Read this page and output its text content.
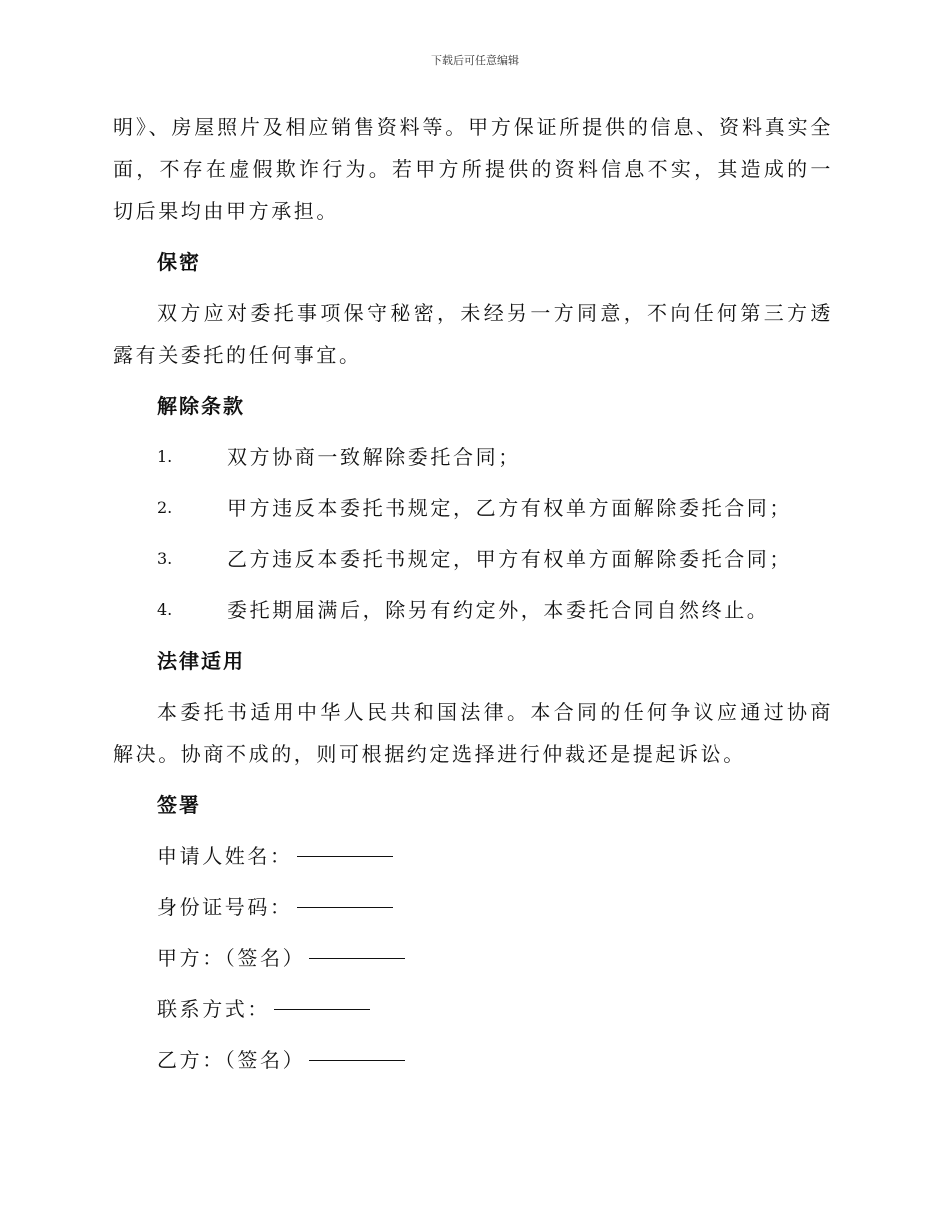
下载后可任意编辑

明》、房屋照片及相应销售资料等。甲方保证所提供的信息、资料真实全面，不存在虚假欺诈行为。若甲方所提供的资料信息不实，其造成的一切后果均由甲方承担。

保密

双方应对委托事项保守秘密，未经另一方同意，不向任何第三方透露有关委托的任何事宜。

解除条款
1.	双方协商一致解除委托合同；
2.	甲方违反本委托书规定，乙方有权单方面解除委托合同；
3.	乙方违反本委托书规定，甲方有权单方面解除委托合同；
4.	委托期届满后，除另有约定外，本委托合同自然终止。
法律适用

本委托书适用中华人民共和国法律。本合同的任何争议应通过协商解决。协商不成的，则可根据约定选择进行仲裁还是提起诉讼。

签署
申请人姓名：
身份证号码：
甲方：（签名）
联系方式：
乙方：（签名）
